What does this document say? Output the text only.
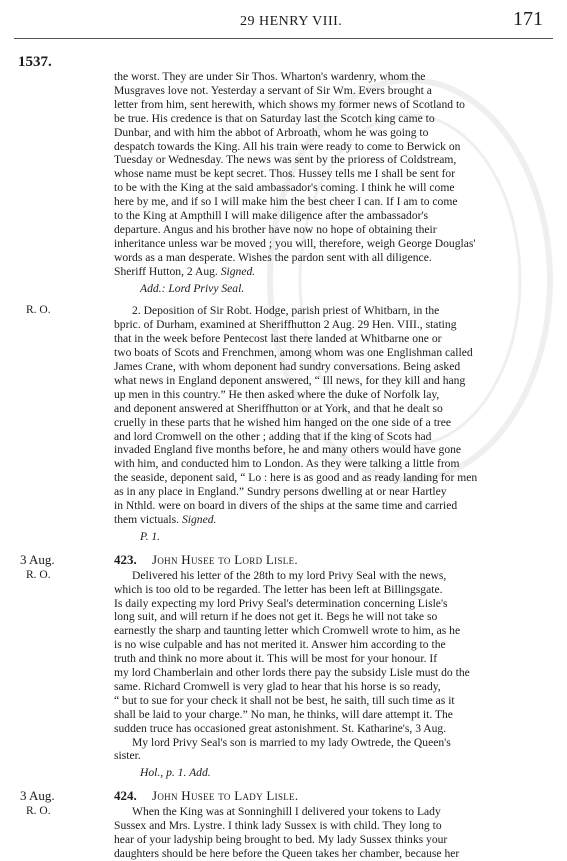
29 HENRY VIII.	171
1537.
the worst. They are under Sir Thos. Wharton's wardenry, whom the
Musgraves love not. Yesterday a servant of Sir Wm. Evers brought a
letter from him, sent herewith, which shows my former news of Scotland to
be true. His credence is that on Saturday last the Scotch king came to
Dunbar, and with him the abbot of Arbroath, whom he was going to
despatch towards the King. All his train were ready to come to Berwick on
Tuesday or Wednesday. The news was sent by the prioress of Coldstream,
whose name must be kept secret. Thos. Hussey tells me I shall be sent for
to be with the King at the said ambassador's coming. I think he will come
here by me, and if so I will make him the best cheer I can. If I am to come
to the King at Ampthill I will make diligence after the ambassador's
departure. Angus and his brother have now no hope of obtaining their
inheritance unless war be moved ; you will, therefore, weigh George Douglas'
words as a man desperate. Wishes the pardon sent with all diligence.
Sheriff Hutton, 2 Aug. Signed.
Add.: Lord Privy Seal.
R. O.	2. Deposition of Sir Robt. Hodge, parish priest of Whitbarn, in the
bpric. of Durham, examined at Sheriffhutton 2 Aug. 29 Hen. VIII., stating
that in the week before Pentecost last there landed at Whitbarne one or
two boats of Scots and Frenchmen, among whom was one Englishman called
James Crane, with whom deponent had sundry conversations. Being asked
what news in England deponent answered, “ Ill news, for they kill and hang
up men in this country.” He then asked where the duke of Norfolk lay,
and deponent answered at Sheriffhutton or at York, and that he dealt so
cruelly in these parts that he wished him hanged on the one side of a tree
and lord Cromwell on the other ; adding that if the king of Scots had
invaded England five months before, he and many others would have gone
with him, and conducted him to London. As they were talking a little from
the seaside, deponent said, “ Lo : here is as good and as ready landing for men
as in any place in England.” Sundry persons dwelling at or near Hartley
in Nthld. were on board in divers of the ships at the same time and carried
them victuals. Signed.
P. 1.
3 Aug.
R. O.
423. John Husee to Lord Lisle.
Delivered his letter of the 28th to my lord Privy Seal with the news,
which is too old to be regarded. The letter has been left at Billingsgate.
Is daily expecting my lord Privy Seal's determination concerning Lisle's
long suit, and will return if he does not get it. Begs he will not take so
earnestly the sharp and taunting letter which Cromwell wrote to him, as he
is no wise culpable and has not merited it. Answer him according to the
truth and think no more about it. This will be most for your honour. If
my lord Chamberlain and other lords there pay the subsidy Lisle must do the
same. Richard Cromwell is very glad to hear that his horse is so ready,
“ but to sue for your check it shall not be best, he saith, till such time as it
shall be laid to your charge.” No man, he thinks, will dare attempt it. The
sudden truce has occasioned great astonishment. St. Katharine's, 3 Aug.
My lord Privy Seal's son is married to my lady Owtrede, the Queen's
sister.
Hol., p. 1. Add.
3 Aug.	424. John Husee to Lady Lisle.
R. O.	When the King was at Sonninghill I delivered your tokens to Lady
Sussex and Mrs. Lystre. I think lady Sussex is with child. They long to
hear of your ladyship being brought to bed. My lady Sussex thinks your
daughters should be here before the Queen takes her chamber, because her
